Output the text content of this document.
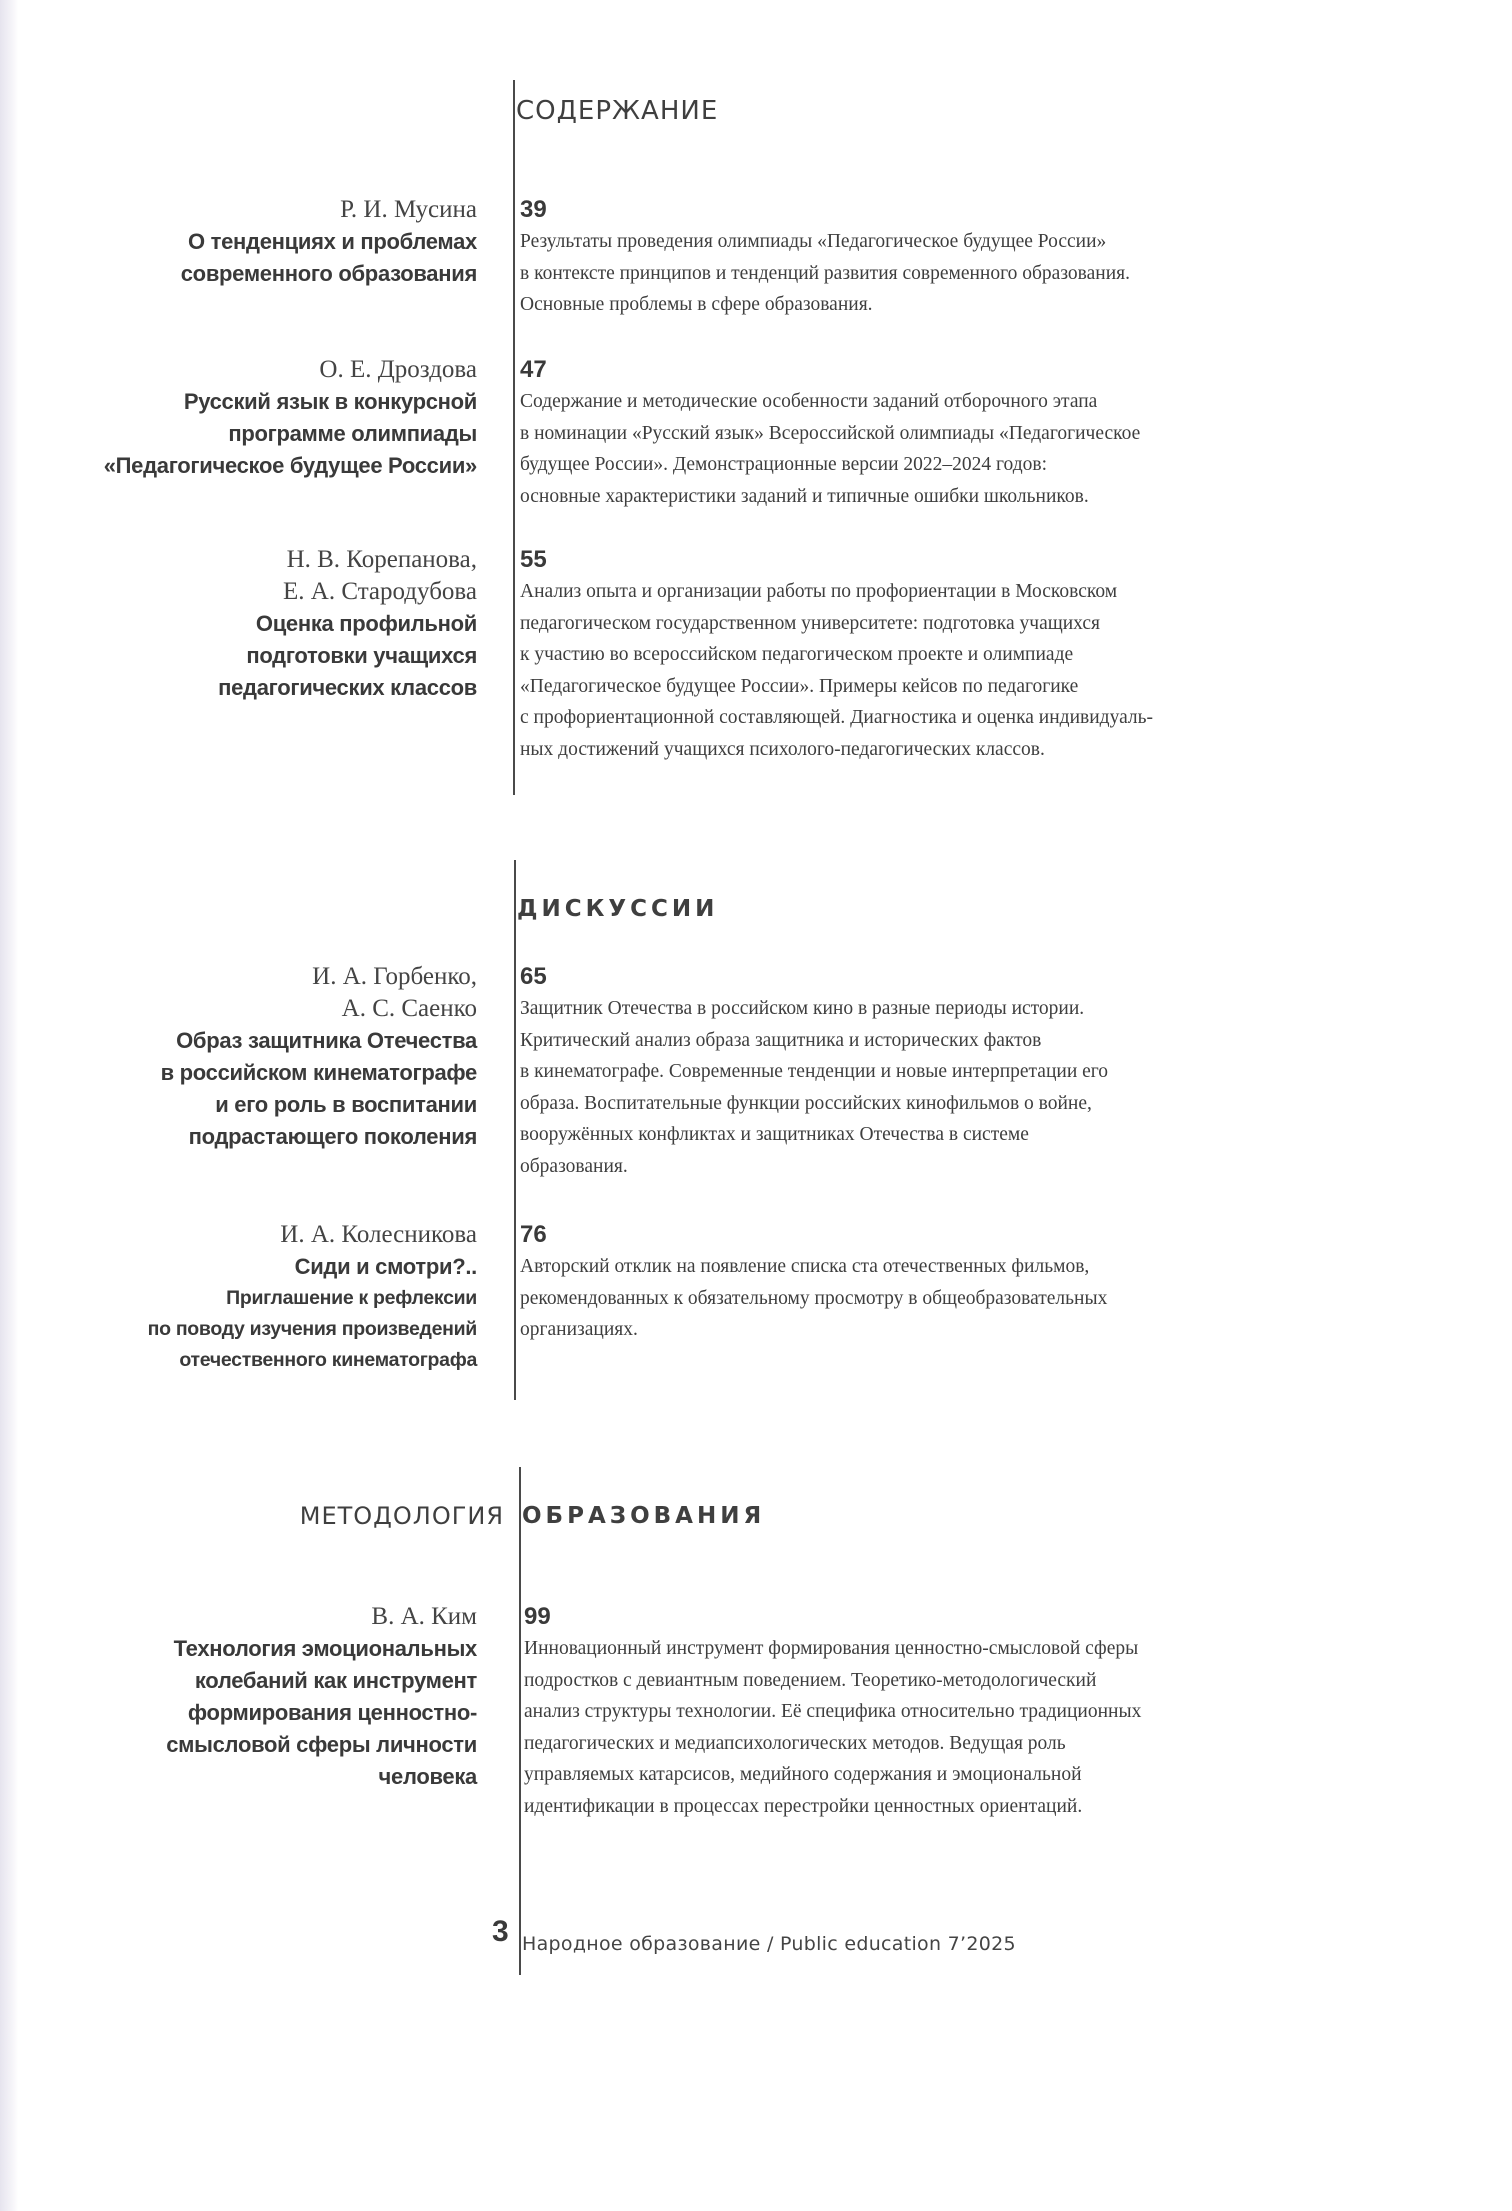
СОДЕРЖАНИЕ
Р. И. Мусина
О тенденциях и проблемах
современного образования
39
Результаты проведения олимпиады «Педагогическое будущее России»
в контексте принципов и тенденций развития современного образования.
Основные проблемы в сфере образования.
О. Е. Дроздова
Русский язык в конкурсной
программе олимпиады
«Педагогическое будущее России»
47
Содержание и методические особенности заданий отборочного этапа
в номинации «Русский язык» Всероссийской олимпиады «Педагогическое
будущее России». Демонстрационные версии 2022–2024 годов:
основные характеристики заданий и типичные ошибки школьников.
Н. В. Корепанова,
Е. А. Стародубова
Оценка профильной
подготовки учащихся
педагогических классов
55
Анализ опыта и организации работы по профориентации в Московском
педагогическом государственном университете: подготовка учащихся
к участию во всероссийском педагогическом проекте и олимпиаде
«Педагогическое будущее России». Примеры кейсов по педагогике
с профориентационной составляющей. Диагностика и оценка индивидуаль-
ных достижений учащихся психолого-педагогических классов.
ДИСКУССИИ
И. А. Горбенко,
А. С. Саенко
Образ защитника Отечества
в российском кинематографе
и его роль в воспитании
подрастающего поколения
65
Защитник Отечества в российском кино в разные периоды истории.
Критический анализ образа защитника и исторических фактов
в кинематографе. Современные тенденции и новые интерпретации его
образа. Воспитательные функции российских кинофильмов о войне,
вооружённых конфликтах и защитниках Отечества в системе
образования.
И. А. Колесникова
Сиди и смотри?..
Приглашение к рефлексии
по поводу изучения произведений
отечественного кинематографа
76
Авторский отклик на появление списка ста отечественных фильмов,
рекомендованных к обязательному просмотру в общеобразовательных
организациях.
МЕТОДОЛОГИЯ ОБРАЗОВАНИЯ
В. А. Ким
Технология эмоциональных
колебаний как инструмент
формирования ценностно-
смысловой сферы личности
человека
99
Инновационный инструмент формирования ценностно-смысловой сферы
подростков с девиантным поведением. Теоретико-методологический
анализ структуры технологии. Её специфика относительно традиционных
педагогических и медиапсихологических методов. Ведущая роль
управляемых катарсисов, медийного содержания и эмоциональной
идентификации в процессах перестройки ценностных ориентаций.
3 Народное образование / Public education 7’2025
